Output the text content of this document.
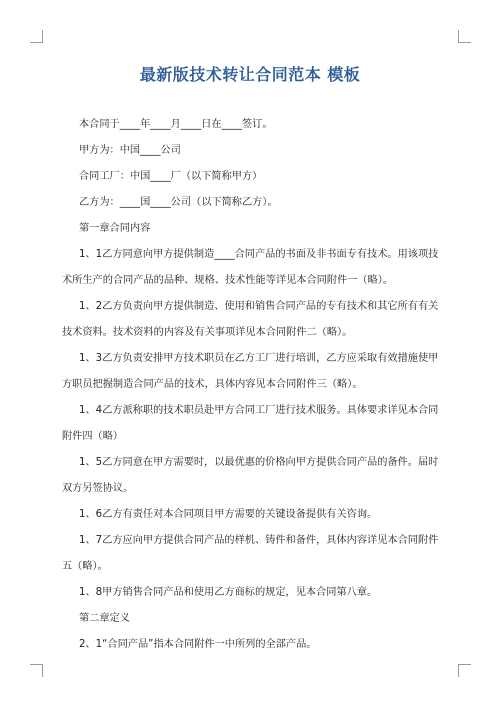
最新版技术转让合同范本 模板

本合同于____年____月____日在____签订。

甲方为：中国____公司

合同工厂：中国____厂（以下简称甲方）

乙方为：____国____公司（以下简称乙方）。

第一章合同内容

1、1乙方同意向甲方提供制造____合同产品的书面及非书面专有技术。用该项技术所生产的合同产品的品种、规格、技术性能等详见本合同附件一（略）。

1、2乙方负责向甲方提供制造、使用和销售合同产品的专有技术和其它所有有关技术资料。技术资料的内容及有关事项详见本合同附件二（略）。

1、3乙方负责安排甲方技术职员在乙方工厂进行培训，乙方应采取有效措施使甲方职员把握制造合同产品的技术，具体内容见本合同附件三（略）。

1、4乙方派称职的技术职员赴甲方合同工厂进行技术服务。具体要求详见本合同附件四（略）

1、5乙方同意在甲方需要时，以最优惠的价格向甲方提供合同产品的备件。届时双方另签协议。

1、6乙方有责任对本合同项目甲方需要的关键设备提供有关咨询。

1、7乙方应向甲方提供合同产品的样机、铸件和备件，具体内容详见本合同附件五（略）。

1、8甲方销售合同产品和使用乙方商标的规定，见本合同第八章。

第二章定义

2、1“合同产品”指本合同附件一中所列的全部产品。
